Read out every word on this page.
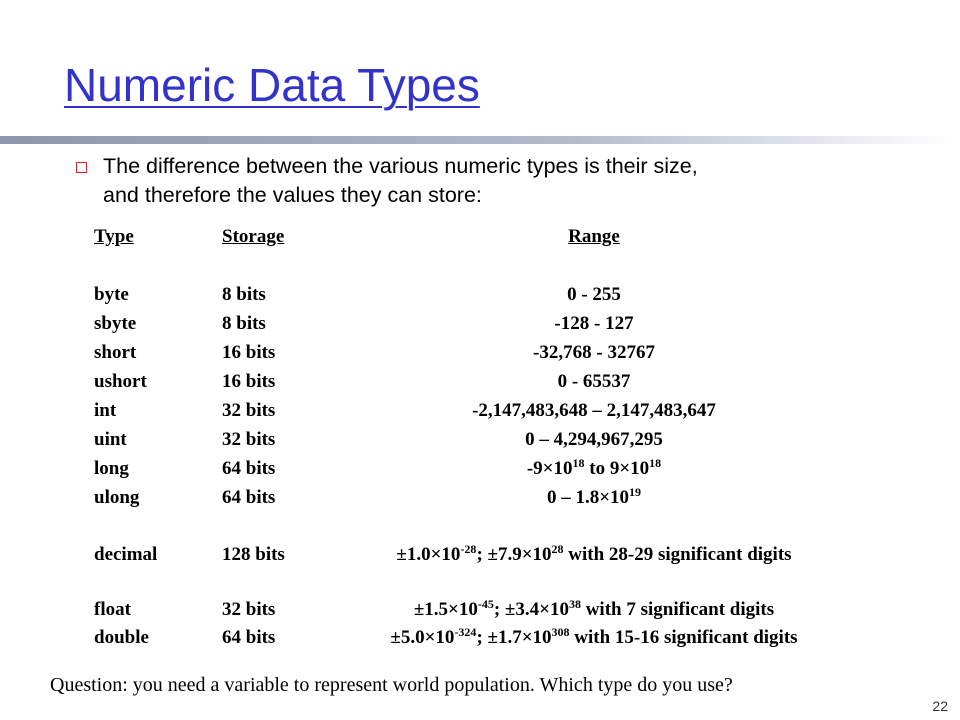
Numeric Data Types
The difference between the various numeric types is their size,
and therefore the values they can store:
Type	Storage	Range
byte	8 bits	0 - 255
sbyte	8 bits	-128 - 127
short	16 bits	-32,768 - 32767
ushort	16 bits	0 - 65537
int	32 bits	-2,147,483,648 – 2,147,483,647
uint	32 bits	0 – 4,294,967,295
long	64 bits	$-9\times 10^{18}$ to $9\times 10^{18}$
ulong	64 bits	$0 - 1.8\times 10^{19}$
decimal	128 bits	$\pm 1.0\times 10^{-28}$; $\pm 7.9\times 10^{28}$ with 28-29 significant digits
float	32 bits	$\pm 1.5\times 10^{-45}$; $\pm 3.4\times 10^{38}$ with 7 significant digits
double	64 bits	$\pm 5.0\times 10^{-324}$; $\pm 1.7\times 10^{308}$ with 15-16 significant digits
Question: you need a variable to represent world population. Which type do you use?
22
